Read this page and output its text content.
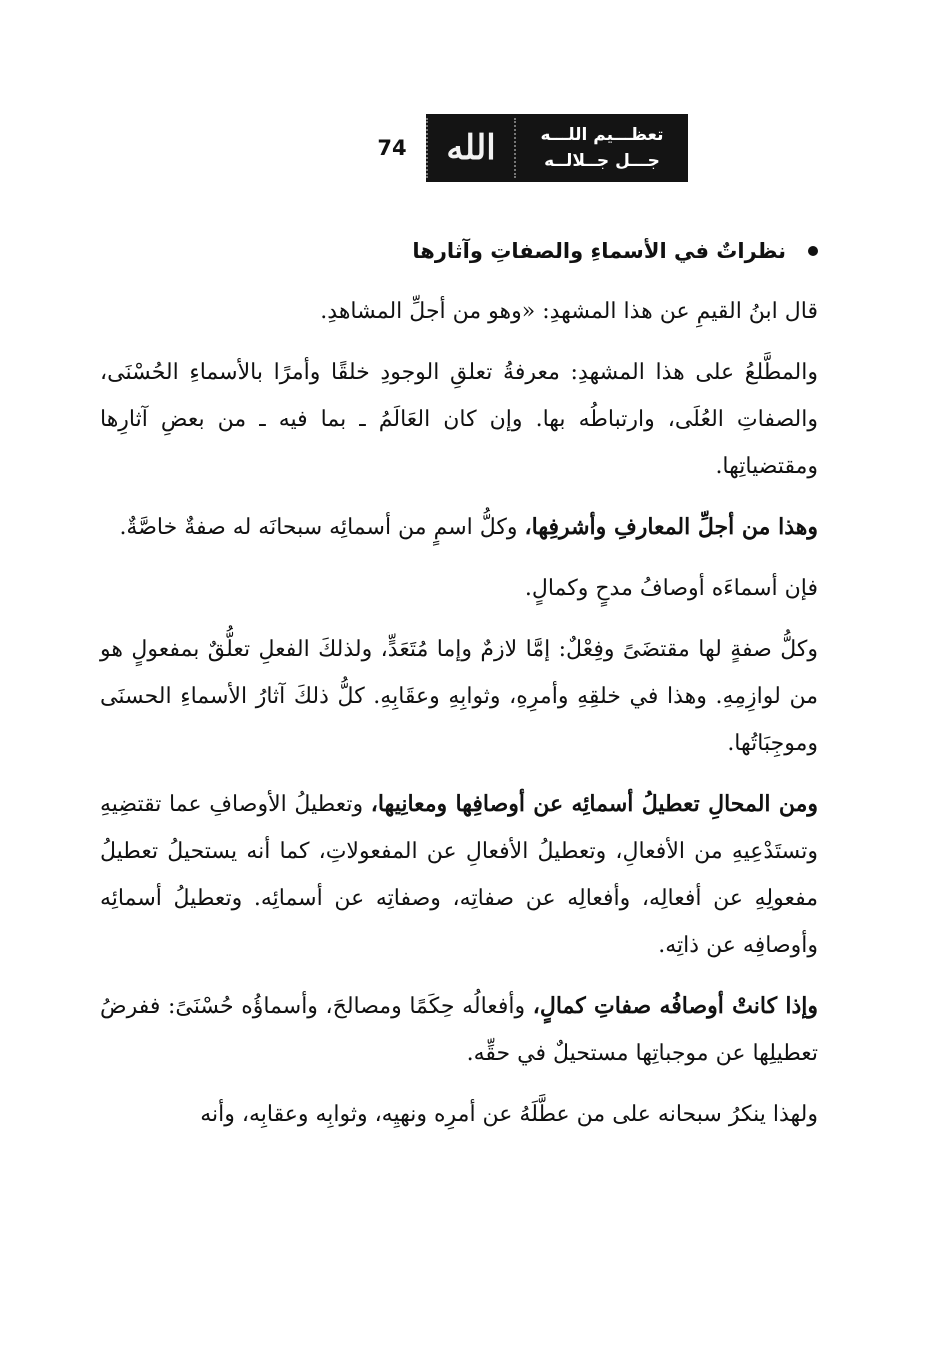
74	الله	تعظـــيم اللـــه
جـــل جــلالــه
نظراتٌ في الأسماءِ والصفاتِ وآثارها

قال ابنُ القيمِ عن هذا المشهدِ: «وهو من أجلِّ المشاهدِ.

والمطَّلعُ على هذا المشهدِ: معرفةُ تعلقِ الوجودِ خلقًا وأمرًا بالأسماءِ الحُسْنَى، والصفاتِ العُلَى، وارتباطُه بها. وإن كان العَالَمُ ـ بما فيه ـ من بعضِ آثارِها ومقتضياتِها.

وهذا من أجلِّ المعارفِ وأشرفِها، وكلُّ اسمٍ من أسمائِه سبحانَه له صفةٌ خاصَّةٌ.

فإن أسماءَه أوصافُ مدحٍ وكمالٍ.

وكلُّ صفةٍ لها مقتضَىً وفِعْلٌ: إمَّا لازمٌ وإما مُتَعَدٍّ، ولذلكَ الفعلِ تعلُّقٌ بمفعولٍ هو من لوازِمِهِ. وهذا في خلقِهِ وأمرِهِ، وثوابِهِ وعقَابِهِ. كلُّ ذلكَ آثارُ الأسماءِ الحسنَى وموجِبَاتُها.

ومن المحالِ تعطيلُ أسمائِه عن أوصافِها ومعانِيها، وتعطيلُ الأوصافِ عما تقتضِيهِ وتستَدْعِيهِ من الأفعالِ، وتعطيلُ الأفعالِ عن المفعولاتِ، كما أنه يستحيلُ تعطيلُ مفعولِهِ عن أفعالِه، وأفعالِه عن صفاتِه، وصفاتِه عن أسمائِه. وتعطيلُ أسمائِه وأوصافِه عن ذاتِه.

وإذا كانتْ أوصافُه صفاتِ كمالٍ، وأفعالُه حِكَمًا ومصالحَ، وأسماؤُه حُسْنَىً: ففرضُ تعطيلِها عن موجباتِها مستحيلٌ في حقِّه.

ولهذا ينكرُ سبحانه على من عطَّلَهُ عن أمرِه ونهيِه، وثوابِه وعقابِه، وأنه
